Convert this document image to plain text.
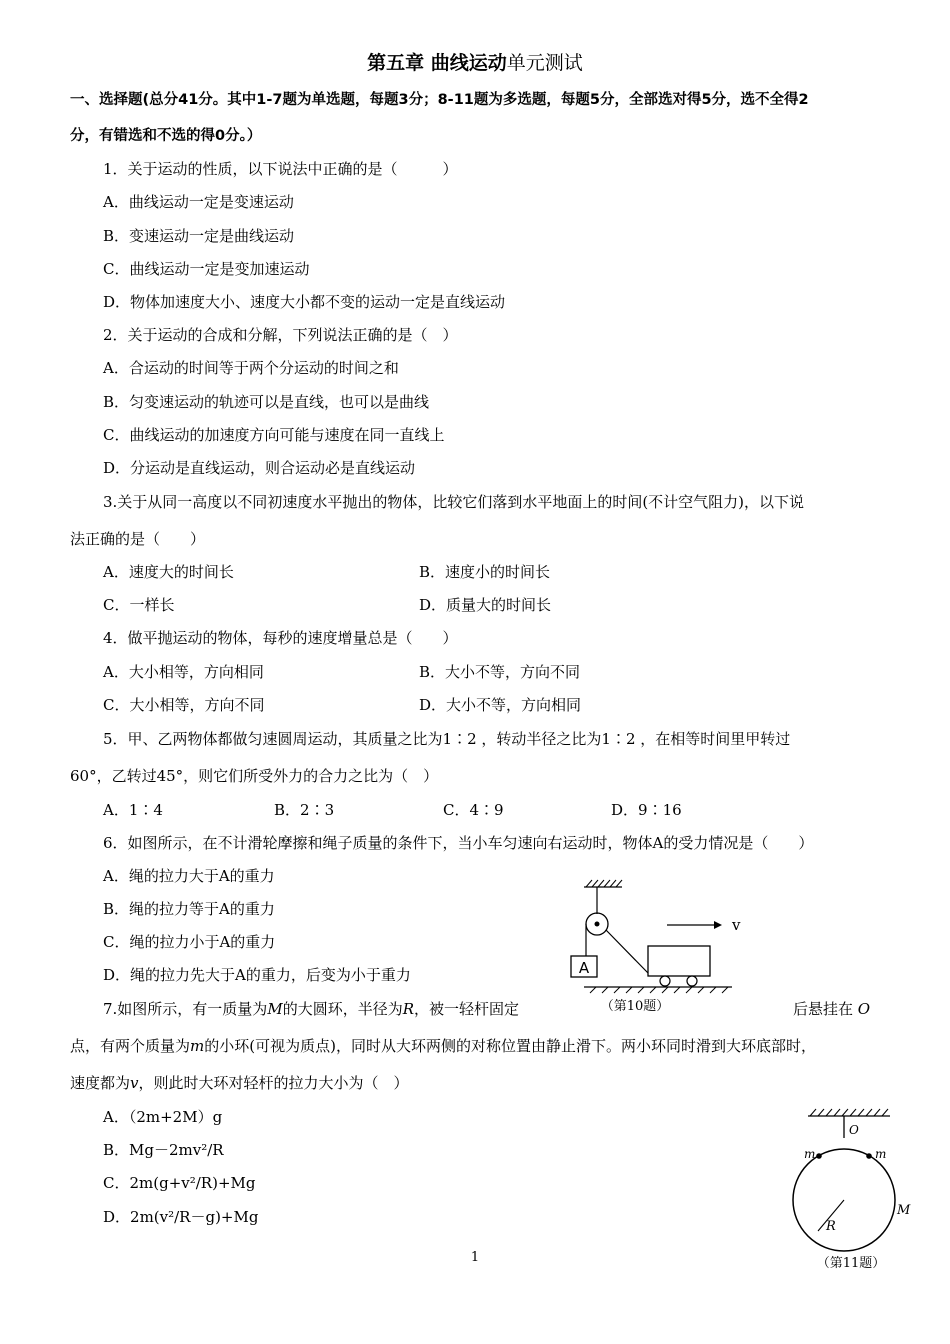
第五章 曲线运动单元测试
一、选择题(总分41分。其中1-7题为单选题，每题3分；8-11题为多选题，每题5分，全部选对得5分，选不全得2
分，有错选和不选的得0分。）
1．关于运动的性质，以下说法中正确的是（　　　）
A．曲线运动一定是变速运动
B．变速运动一定是曲线运动
C．曲线运动一定是变加速运动
D．物体加速度大小、速度大小都不变的运动一定是直线运动
2．关于运动的合成和分解，下列说法正确的是（　）
A．合运动的时间等于两个分运动的时间之和
B．匀变速运动的轨迹可以是直线，也可以是曲线
C．曲线运动的加速度方向可能与速度在同一直线上
D．分运动是直线运动，则合运动必是直线运动
3.关于从同一高度以不同初速度水平抛出的物体，比较它们落到水平地面上的时间(不计空气阻力)，以下说
法正确的是（　　）
A．速度大的时间长	B．速度小的时间长
C．一样长	D．质量大的时间长
4．做平抛运动的物体，每秒的速度增量总是（　　）
A．大小相等，方向相同	B．大小不等，方向不同
C．大小相等，方向不同	D．大小不等，方向相同
5．甲、乙两物体都做匀速圆周运动，其质量之比为1∶2 ，转动半径之比为1∶2 ，在相等时间里甲转过
60°，乙转过45°，则它们所受外力的合力之比为（　）
A．1∶4	B．2∶3	C．4∶9	D．9∶16
6．如图所示，在不计滑轮摩擦和绳子质量的条件下，当小车匀速向右运动时，物体A的受力情况是（　　）
A．绳的拉力大于A的重力
B．绳的拉力等于A的重力
C．绳的拉力小于A的重力
D．绳的拉力先大于A的重力，后变为小于重力	A
v
（第10题）
7.如图所示，有一质量为M的大圆环，半径为R，被一轻杆固定	后悬挂在 O
点，有两个质量为m的小环(可视为质点)，同时从大环两侧的对称位置由静止滑下。两小环同时滑到大环底部时，
速度都为v，则此时大环对轻杆的拉力大小为（　）
A．（2m+2M）g
B．Mg－2mv²/R
C．2m(g+v²/R)+Mg
D．2m(v²/R－g)+Mg
O
m	m
R
M
（第11题）
1
